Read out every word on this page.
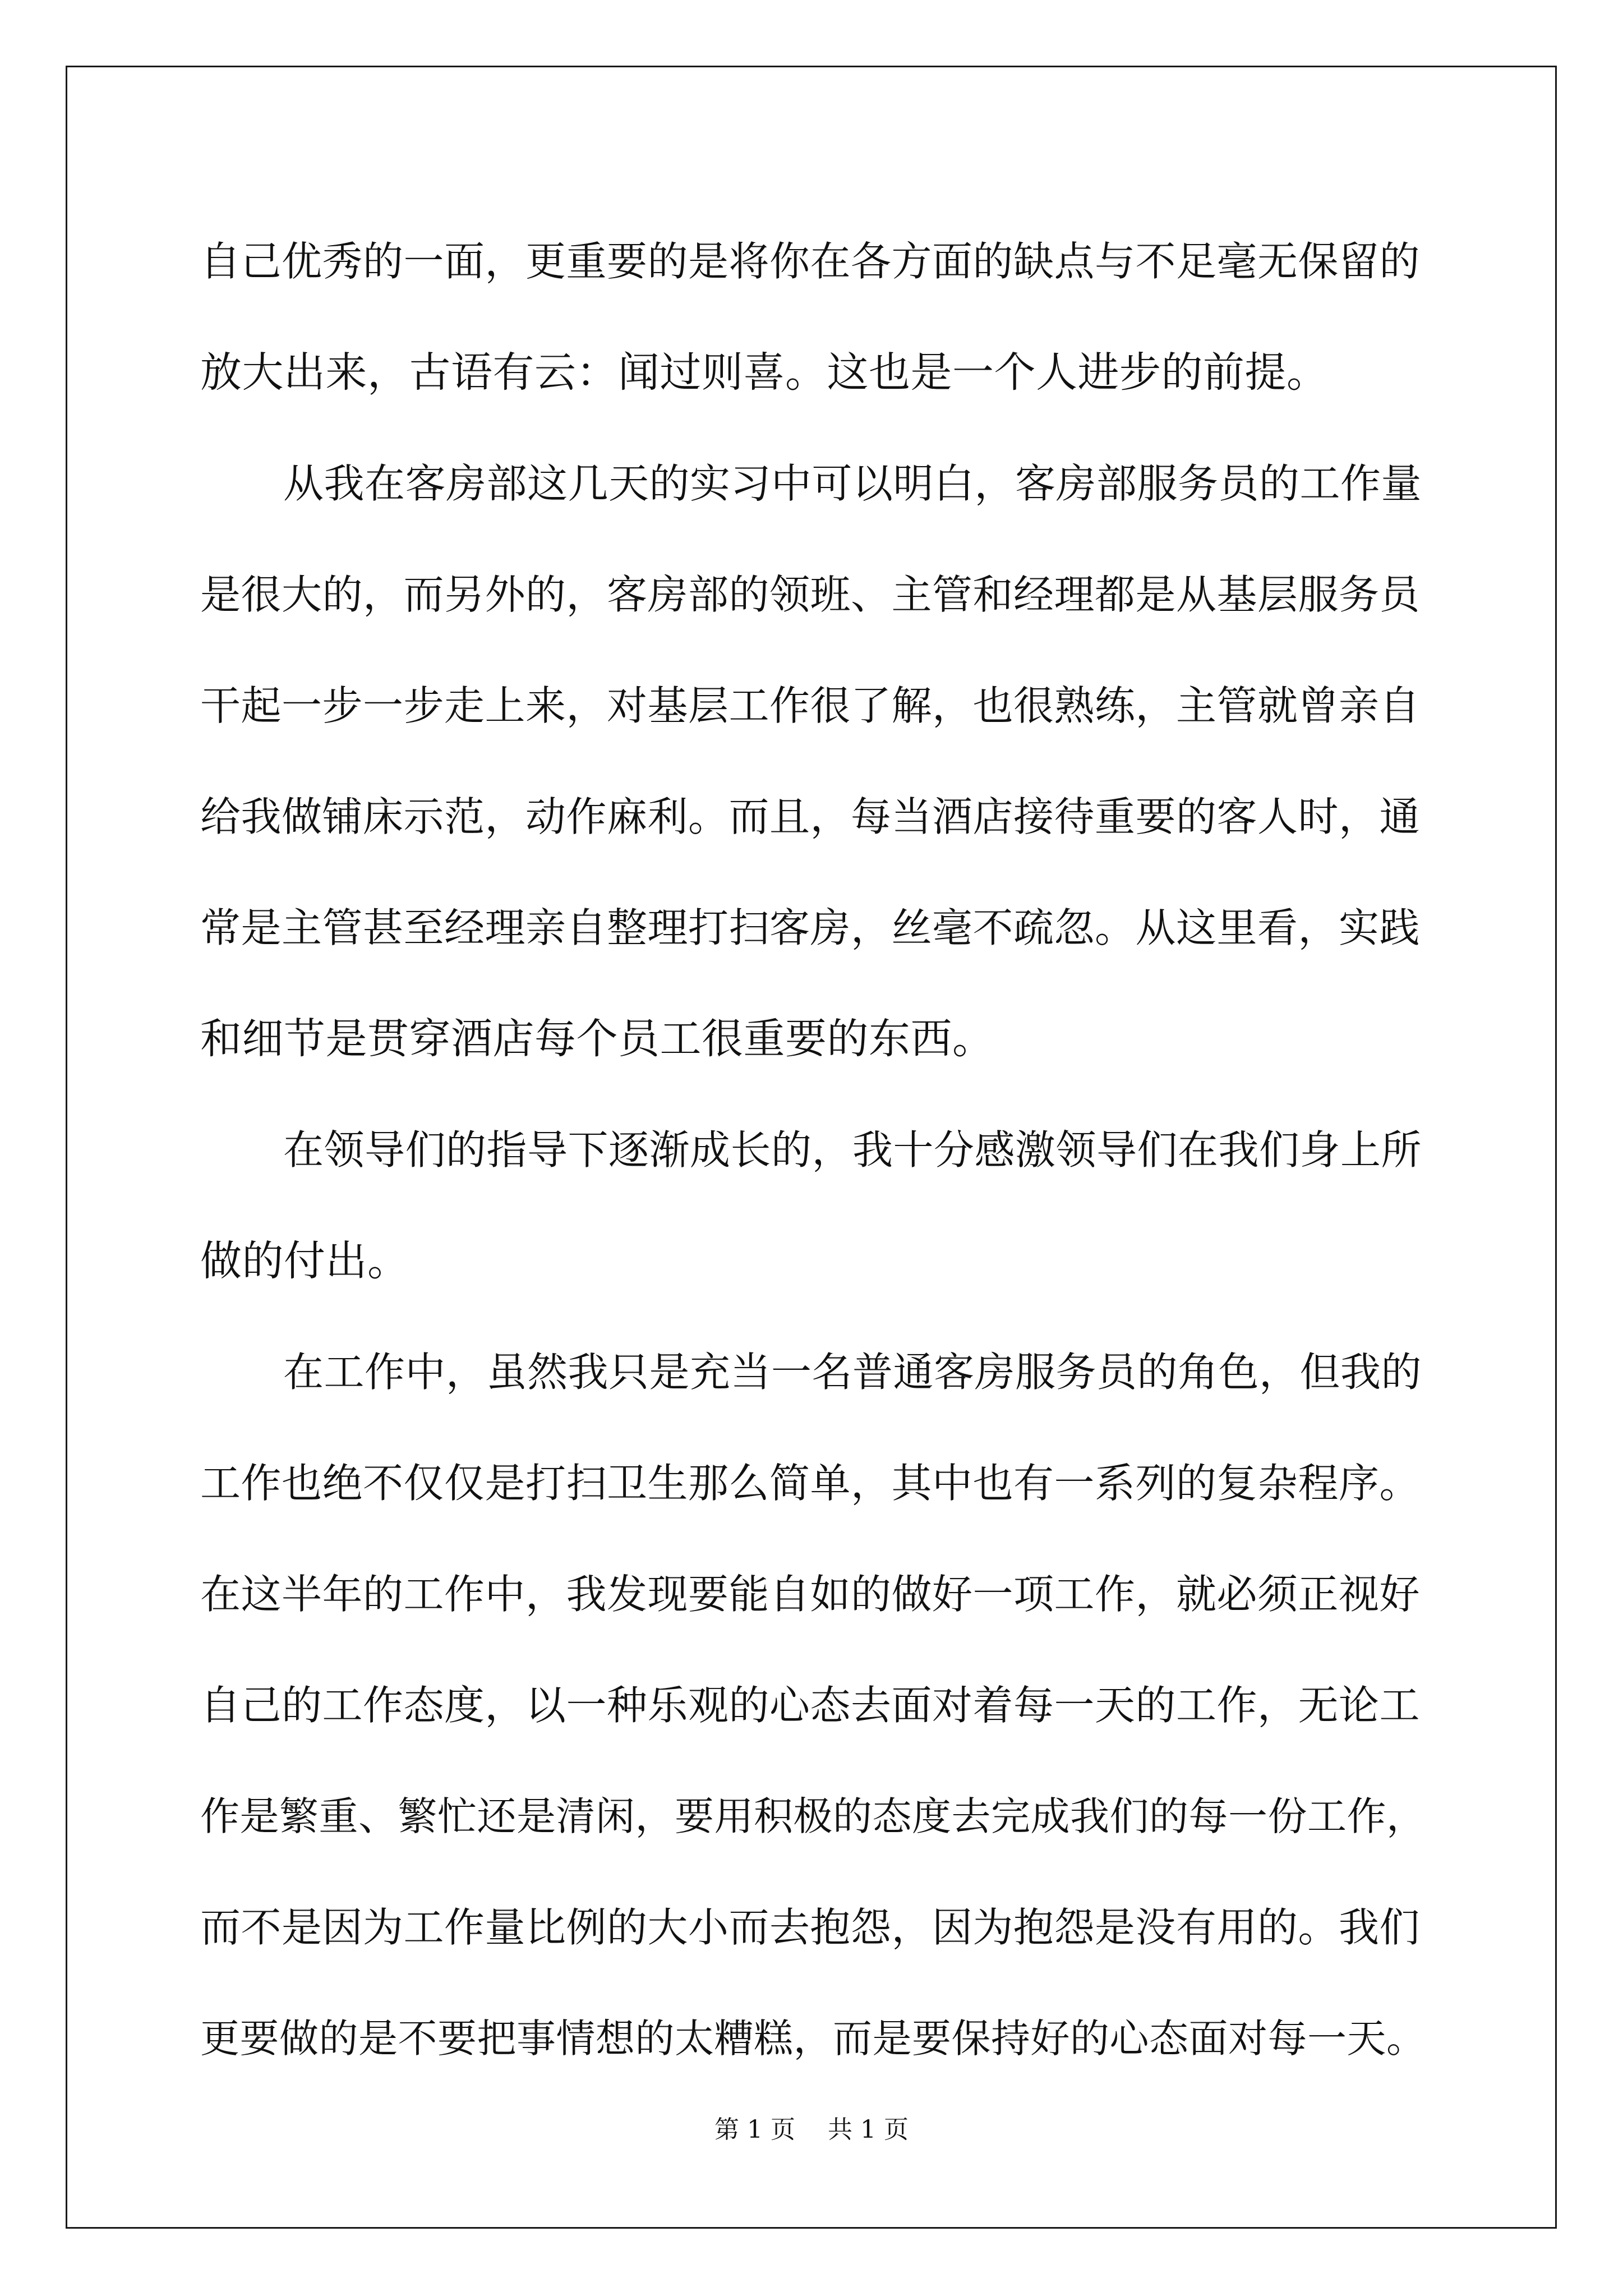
自己优秀的一面，更重要的是将你在各方面的缺点与不足毫无保留的
放大出来，古语有云：闻过则喜。这也是一个人进步的前提。
从我在客房部这几天的实习中可以明白，客房部服务员的工作量
是很大的，而另外的，客房部的领班、主管和经理都是从基层服务员
干起一步一步走上来，对基层工作很了解，也很熟练，主管就曾亲自
给我做铺床示范，动作麻利。而且，每当酒店接待重要的客人时，通
常是主管甚至经理亲自整理打扫客房，丝毫不疏忽。从这里看，实践
和细节是贯穿酒店每个员工很重要的东西。
在领导们的指导下逐渐成长的，我十分感激领导们在我们身上所
做的付出。
在工作中，虽然我只是充当一名普通客房服务员的角色，但我的
工作也绝不仅仅是打扫卫生那么简单，其中也有一系列的复杂程序。
在这半年的工作中，我发现要能自如的做好一项工作，就必须正视好
自己的工作态度，以一种乐观的心态去面对着每一天的工作，无论工
作是繁重、繁忙还是清闲，要用积极的态度去完成我们的每一份工作，
而不是因为工作量比例的大小而去抱怨，因为抱怨是没有用的。我们
更要做的是不要把事情想的太糟糕，而是要保持好的心态面对每一天。
第 1 页　 共 1 页
